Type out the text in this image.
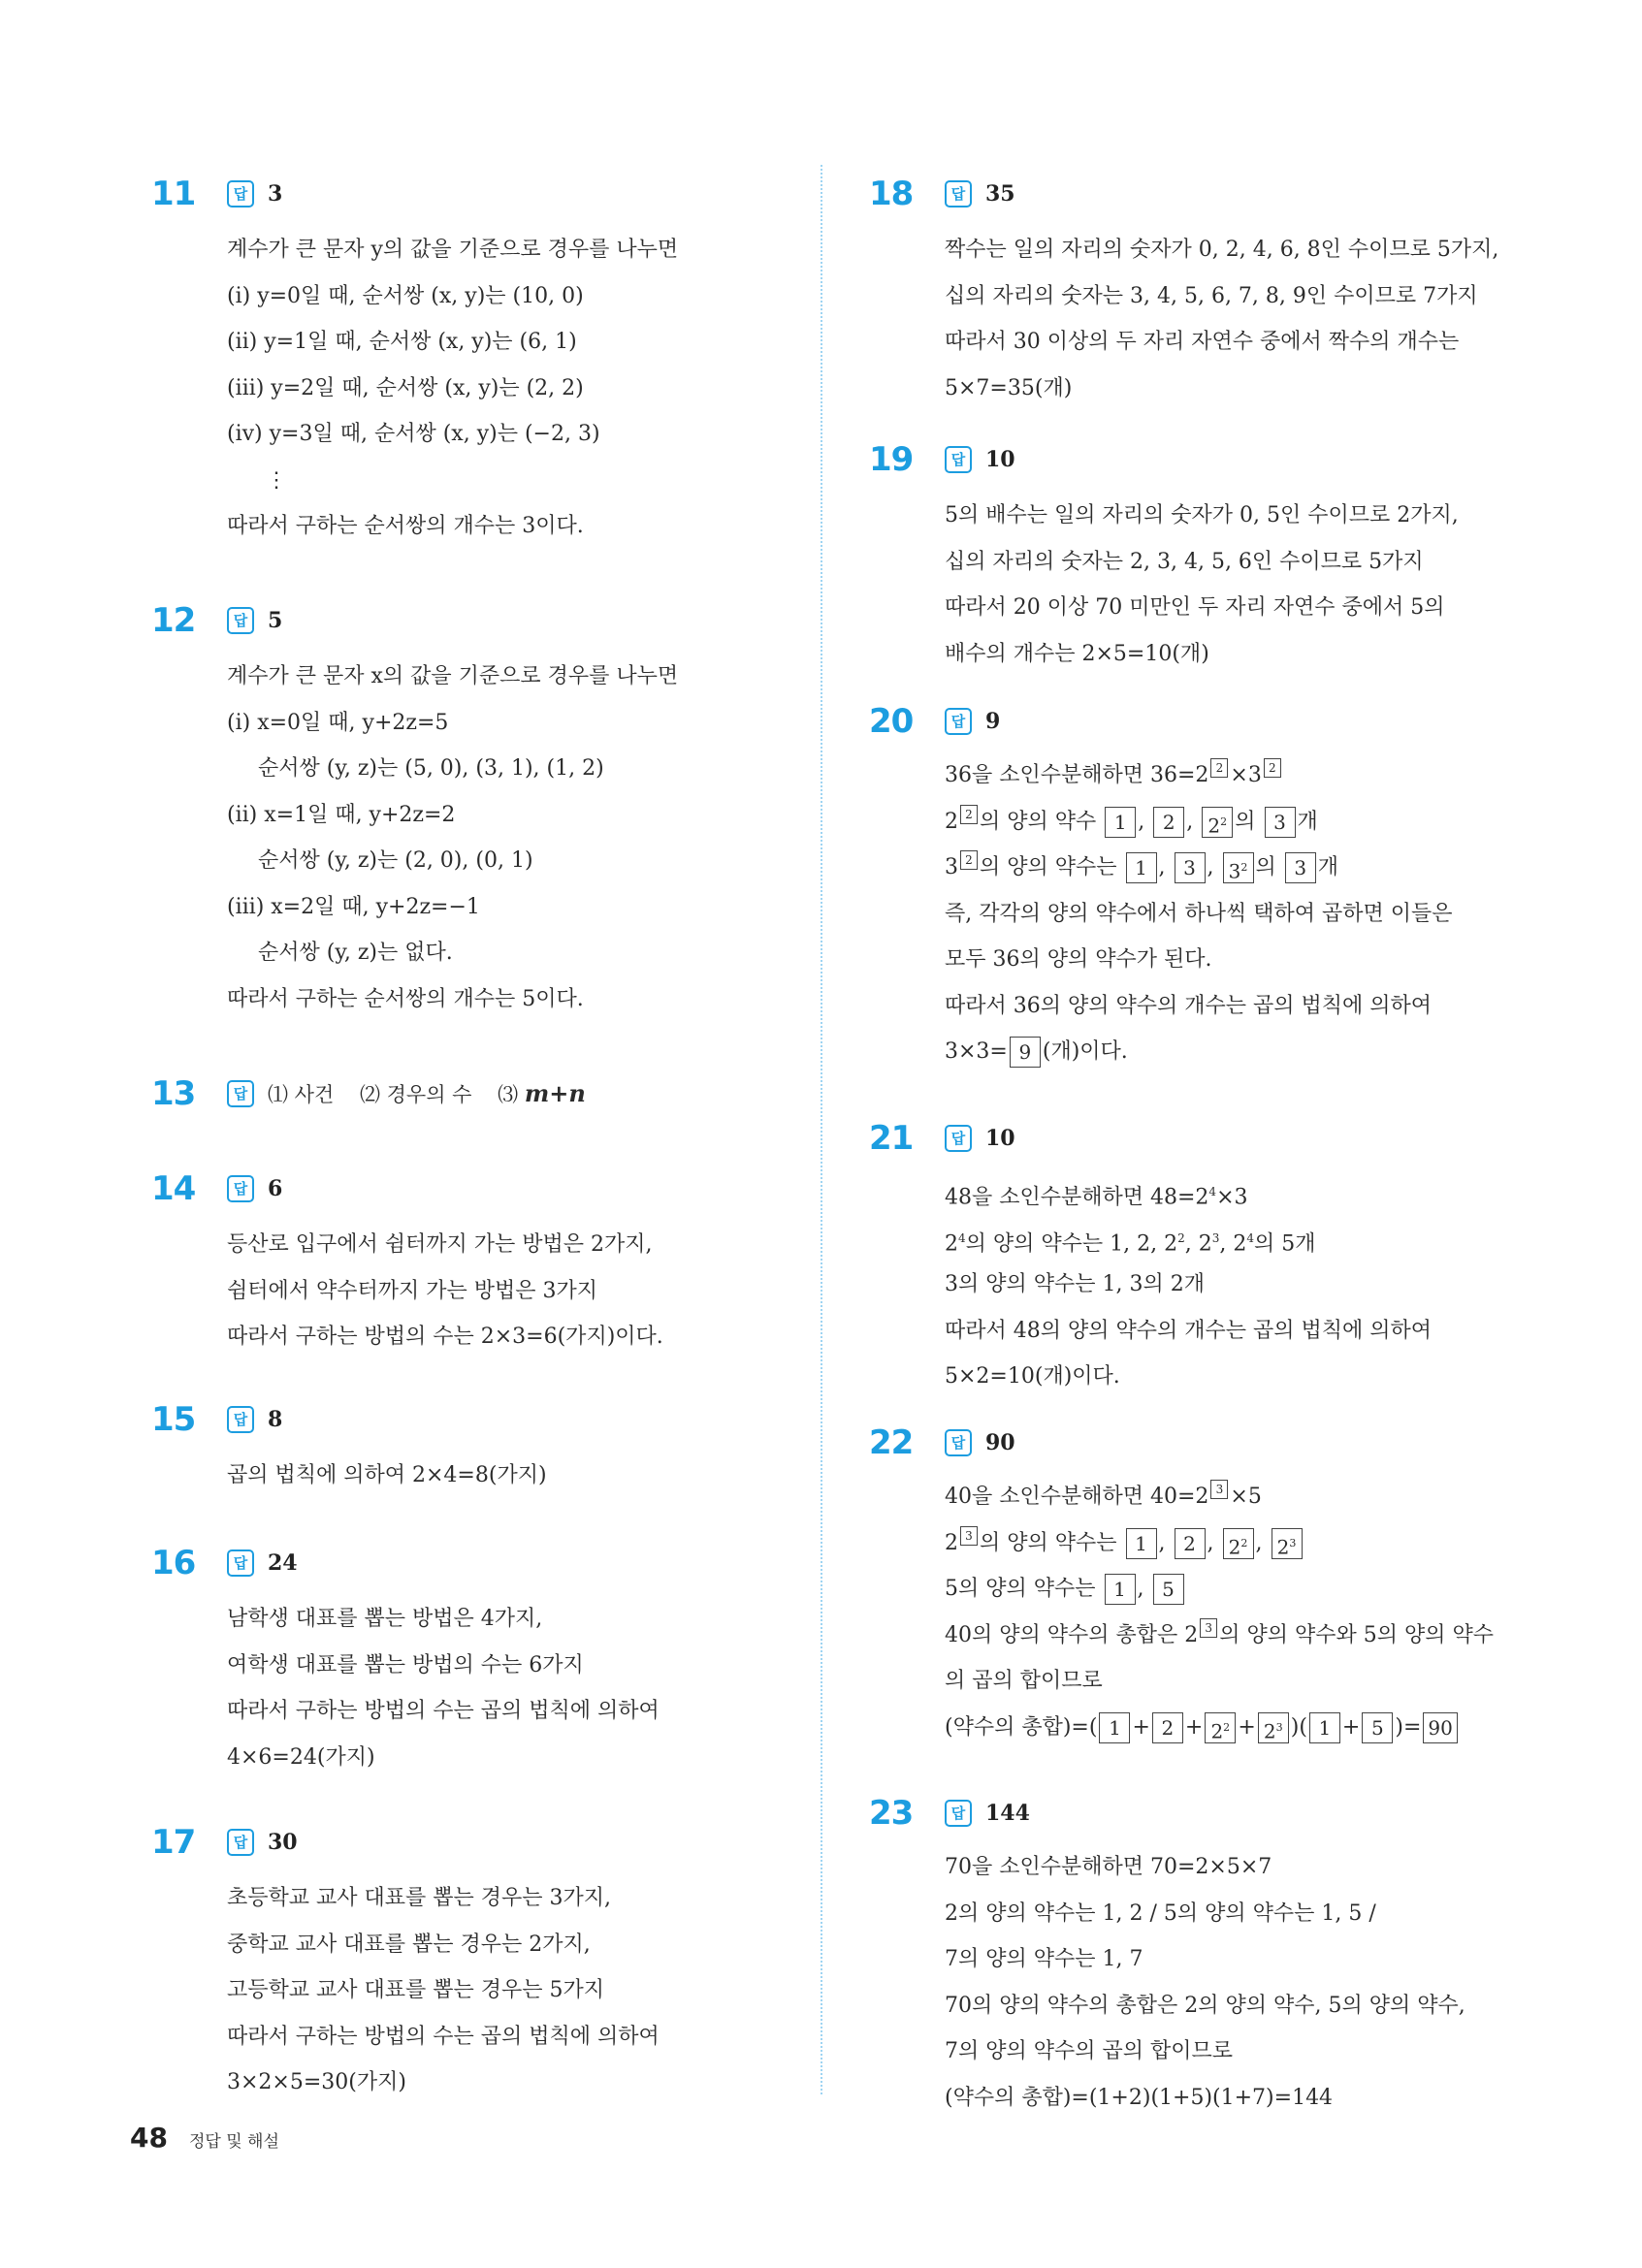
11	답 3
계수가 큰 문자 y의 값을 기준으로 경우를 나누면
(ⅰ) y=0일 때, 순서쌍 (x, y)는 (10, 0)
(ⅱ) y=1일 때, 순서쌍 (x, y)는 (6, 1)
(ⅲ) y=2일 때, 순서쌍 (x, y)는 (2, 2)
(ⅳ) y=3일 때, 순서쌍 (x, y)는 (−2, 3)
⋮
따라서 구하는 순서쌍의 개수는 3이다.
12	답 5
계수가 큰 문자 x의 값을 기준으로 경우를 나누면
(ⅰ) x=0일 때, y+2z=5
순서쌍 (y, z)는 (5, 0), (3, 1), (1, 2)
(ⅱ) x=1일 때, y+2z=2
순서쌍 (y, z)는 (2, 0), (0, 1)
(ⅲ) x=2일 때, y+2z=−1
순서쌍 (y, z)는 없다.
따라서 구하는 순서쌍의 개수는 5이다.
13	답 ⑴ 사건 ⑵ 경우의 수 ⑶ m+n
14	답 6
등산로 입구에서 쉼터까지 가는 방법은 2가지,
쉼터에서 약수터까지 가는 방법은 3가지
따라서 구하는 방법의 수는 2×3=6(가지)이다.
15	답 8
곱의 법칙에 의하여 2×4=8(가지)
16	답 24
남학생 대표를 뽑는 방법은 4가지,
여학생 대표를 뽑는 방법의 수는 6가지
따라서 구하는 방법의 수는 곱의 법칙에 의하여
4×6=24(가지)
17	답 30
초등학교 교사 대표를 뽑는 경우는 3가지,
중학교 교사 대표를 뽑는 경우는 2가지,
고등학교 교사 대표를 뽑는 경우는 5가지
따라서 구하는 방법의 수는 곱의 법칙에 의하여
3×2×5=30(가지)
18	답 35
짝수는 일의 자리의 숫자가 0, 2, 4, 6, 8인 수이므로 5가지,
십의 자리의 숫자는 3, 4, 5, 6, 7, 8, 9인 수이므로 7가지
따라서 30 이상의 두 자리 자연수 중에서 짝수의 개수는
5×7=35(개)
19	답 10
5의 배수는 일의 자리의 숫자가 0, 5인 수이므로 2가지,
십의 자리의 숫자는 2, 3, 4, 5, 6인 수이므로 5가지
따라서 20 이상 70 미만인 두 자리 자연수 중에서 5의
배수의 개수는 2×5=10(개)
20	답 9
36을 소인수분해하면 36=2 2 ×3 2
2 2 의 양의 약수 1 , 2 , $2^2$ 의 3 개
3 2 의 양의 약수는 1 , 3 , $3^2$ 의 3 개
즉, 각각의 양의 약수에서 하나씩 택하여 곱하면 이들은
모두 36의 양의 약수가 된다.
따라서 36의 양의 약수의 개수는 곱의 법칙에 의하여
3×3= 9 (개)이다.
21	답 10
48을 소인수분해하면 $48=2^4\times 3$
$2^4$의 양의 약수는 1, 2, $2^2$, $2^3$, $2^4$의 5개
3의 양의 약수는 1, 3의 2개
따라서 48의 양의 약수의 개수는 곱의 법칙에 의하여
5×2=10(개)이다.
22	답 90
40을 소인수분해하면 40=2 3 ×5
2 3 의 양의 약수는 1 , 2 , $2^2$ , $2^3$
5의 양의 약수는 1 , 5
40의 양의 약수의 총합은 2 3 의 양의 약수와 5의 양의 약수
의 곱의 합이므로
(약수의 총합)=( $1 + 2 + 2^2 + 2^3$ )( 1 + 5 )= 90
23	답 144
70을 소인수분해하면 70=2×5×7
2의 양의 약수는 1, 2 / 5의 양의 약수는 1, 5 /
7의 양의 약수는 1, 7
70의 양의 약수의 총합은 2의 양의 약수, 5의 양의 약수,
7의 양의 약수의 곱의 합이므로
(약수의 총합)=(1+2)(1+5)(1+7)=144
48 정답 및 해설
